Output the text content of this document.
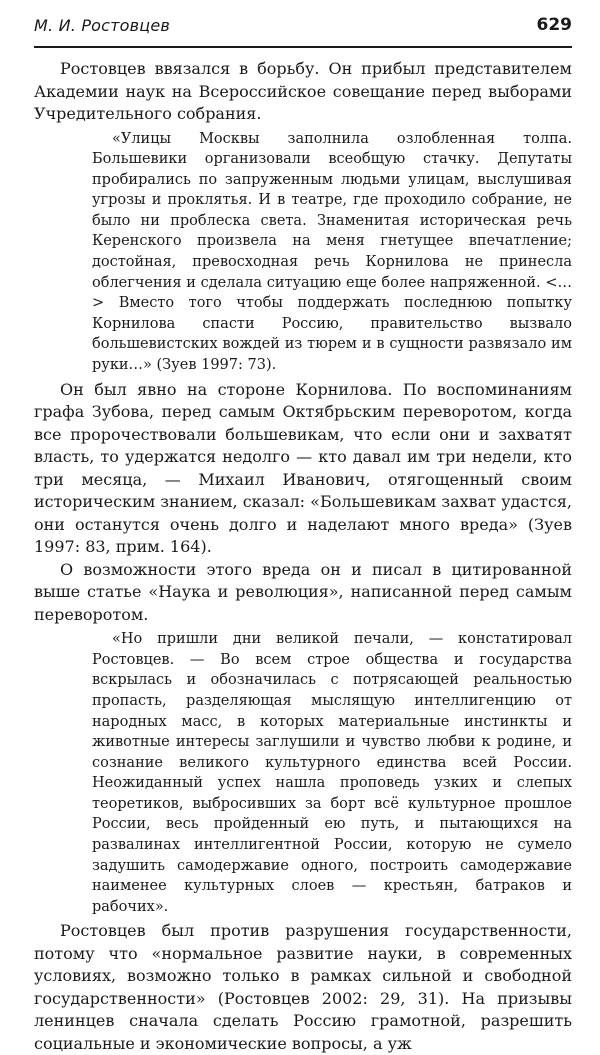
М. И. Ростовцев	629

Ростовцев ввязался в борьбу. Он прибыл представителем Академии наук на Всероссийское совещание перед выборами Учредительного собрания.

«Улицы Москвы заполнила озлобленная толпа. Большевики организовали всеобщую стачку. Депутаты пробирались по запруженным людьми улицам, выслушивая угрозы и проклятья. И в театре, где проходило собрание, не было ни проблеска света. Знаменитая историческая речь Керенского произвела на меня гнетущее впечатление; достойная, превосходная речь Корнилова не принесла облегчения и сделала ситуацию еще более напряженной. <…> Вместо того чтобы поддержать последнюю попытку Корнилова спасти Россию, правительство вызвало большевистских вождей из тюрем и в сущности развязало им руки…» (Зуев 1997: 73).

Он был явно на стороне Корнилова. По воспоминаниям графа Зубова, перед самым Октябрьским переворотом, когда все пророчествовали большевикам, что если они и захватят власть, то удержатся недолго — кто давал им три недели, кто три месяца, — Михаил Иванович, отягощенный своим историческим знанием, сказал: «Большевикам захват удастся, они останутся очень долго и наделают много вреда» (Зуев 1997: 83, прим. 164).

О возможности этого вреда он и писал в цитированной выше статье «Наука и революция», написанной перед самым переворотом.

«Но пришли дни великой печали, — констатировал Ростовцев. — Во всем строе общества и государства вскрылась и обозначилась с потрясающей реальностью пропасть, разделяющая мыслящую интеллигенцию от народных масс, в которых материальные инстинкты и животные интересы заглушили и чувство любви к родине, и сознание великого культурного единства всей России. Неожиданный успех нашла проповедь узких и слепых теоретиков, выбросивших за борт всё культурное прошлое России, весь пройденный ею путь, и пытающихся на развалинах интеллигентной России, которую не сумело задушить самодержавие одного, построить самодержавие наименее культурных слоев — крестьян, батраков и рабочих».

Ростовцев был против разрушения государственности, потому что «нормальное развитие науки, в современных условиях, возможно только в рамках сильной и свободной государственности» (Ростовцев 2002: 29, 31). На призывы ленинцев сначала сделать Россию грамотной, разрешить социальные и экономические вопросы, а уж
